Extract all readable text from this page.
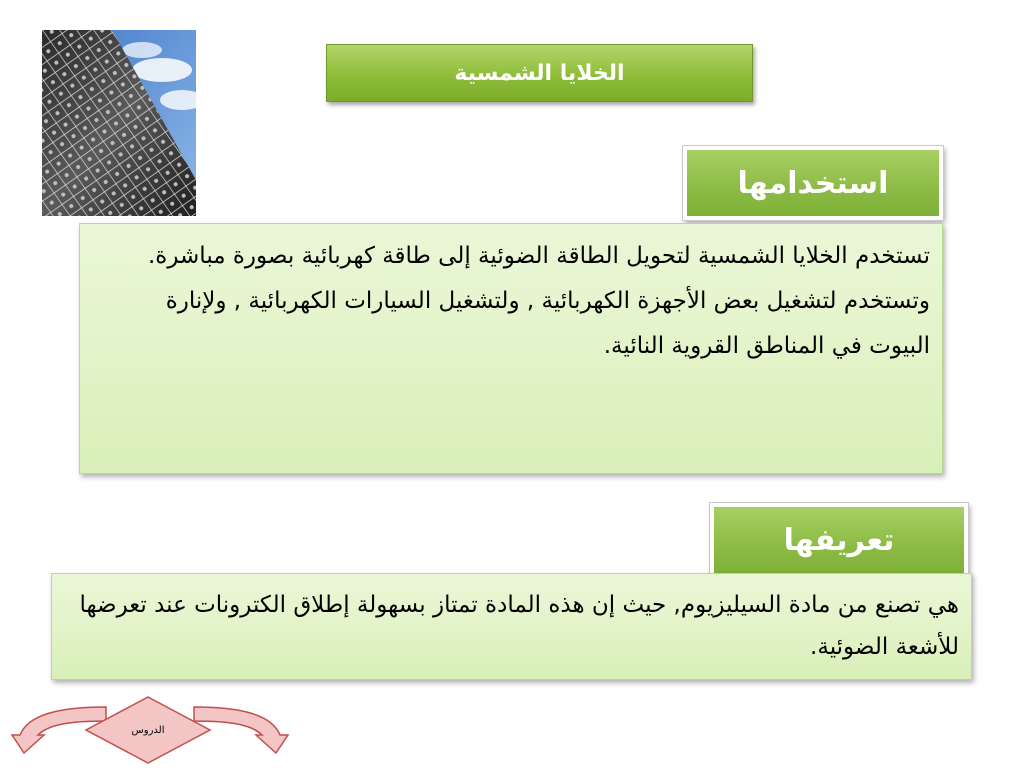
الخلايا الشمسية
استخدامها

تستخدم الخلايا الشمسية لتحويل الطاقة الضوئية إلى طاقة كهربائية بصورة مباشرة.

وتستخدم لتشغيل بعض الأجهزة الكهربائية , ولتشغيل السيارات الكهربائية , ولإنارة البيوت في المناطق القروية النائية.

تعريفها

هي تصنع من مادة السيليزيوم, حيث إن هذه المادة تمتاز بسهولة إطلاق الكترونات عند تعرضها للأشعة الضوئية.

الدروس
